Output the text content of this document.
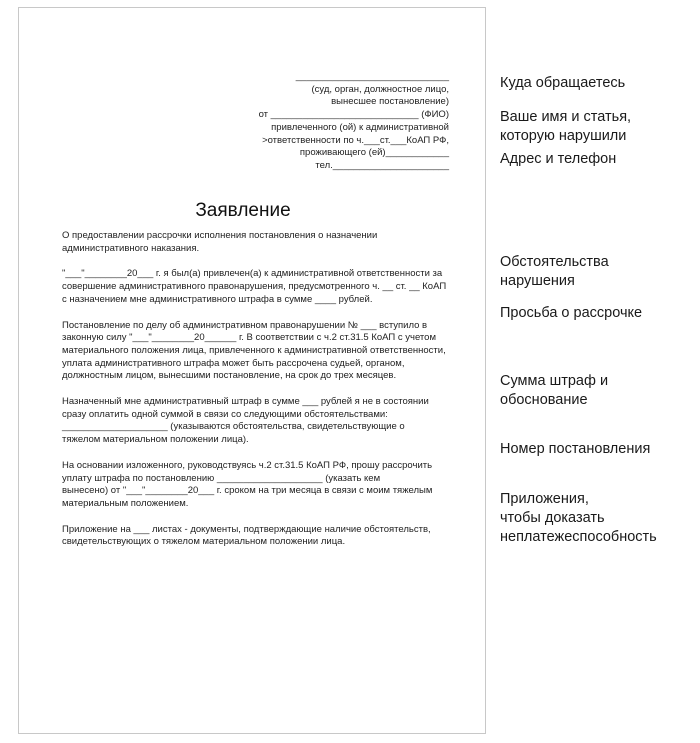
_____________________________
(суд, орган, должностное лицо,
вынесшее постановление)
от ____________________________ (ФИО)
привлеченного (ой) к административной
>ответственности по ч.___ст.___КоАП РФ,
проживающего (ей)____________
тел.______________________
Заявление

О предоставлении рассрочки исполнения постановления о назначении
административного наказания.

"___"________20___ г. я был(а) привлечен(а) к административной ответственности за
совершение административного правонарушения, предусмотренного ч. __ ст. __ КоАП
с назначением мне административного штрафа в сумме ____ рублей.

Постановление по делу об административном правонарушении № ___ вступило в
законную силу "___"________20______ г. В соответствии с ч.2 ст.31.5 КоАП с учетом
материального положения лица, привлеченного к административной ответственности,
уплата административного штрафа может быть рассрочена судьей, органом,
должностным лицом, вынесшими постановление, на срок до трех месяцев.

Назначенный мне административный штраф в сумме ___ рублей я не в состоянии
сразу оплатить одной суммой в связи со следующими обстоятельствами:
____________________ (указываются обстоятельства, свидетельствующие о
тяжелом материальном положении лица).

На основании изложенного, руководствуясь ч.2 ст.31.5 КоАП РФ, прошу рассрочить
уплату штрафа по постановлению ____________________ (указать кем
вынесено) от "___"________20___ г. сроком на три месяца в связи с моим тяжелым
материальным положением.

Приложение на ___ листах - документы, подтверждающие наличие обстоятельств,
свидетельствующих о тяжелом материальном положении лица.

Куда обращаетесь
Ваше имя и статья,
которую нарушили
Адрес и телефон
Обстоятельства
нарушения
Просьба о рассрочке
Сумма штраф и
обоснование
Номер постановления
Приложения,
чтобы доказать
неплатежеспособность
